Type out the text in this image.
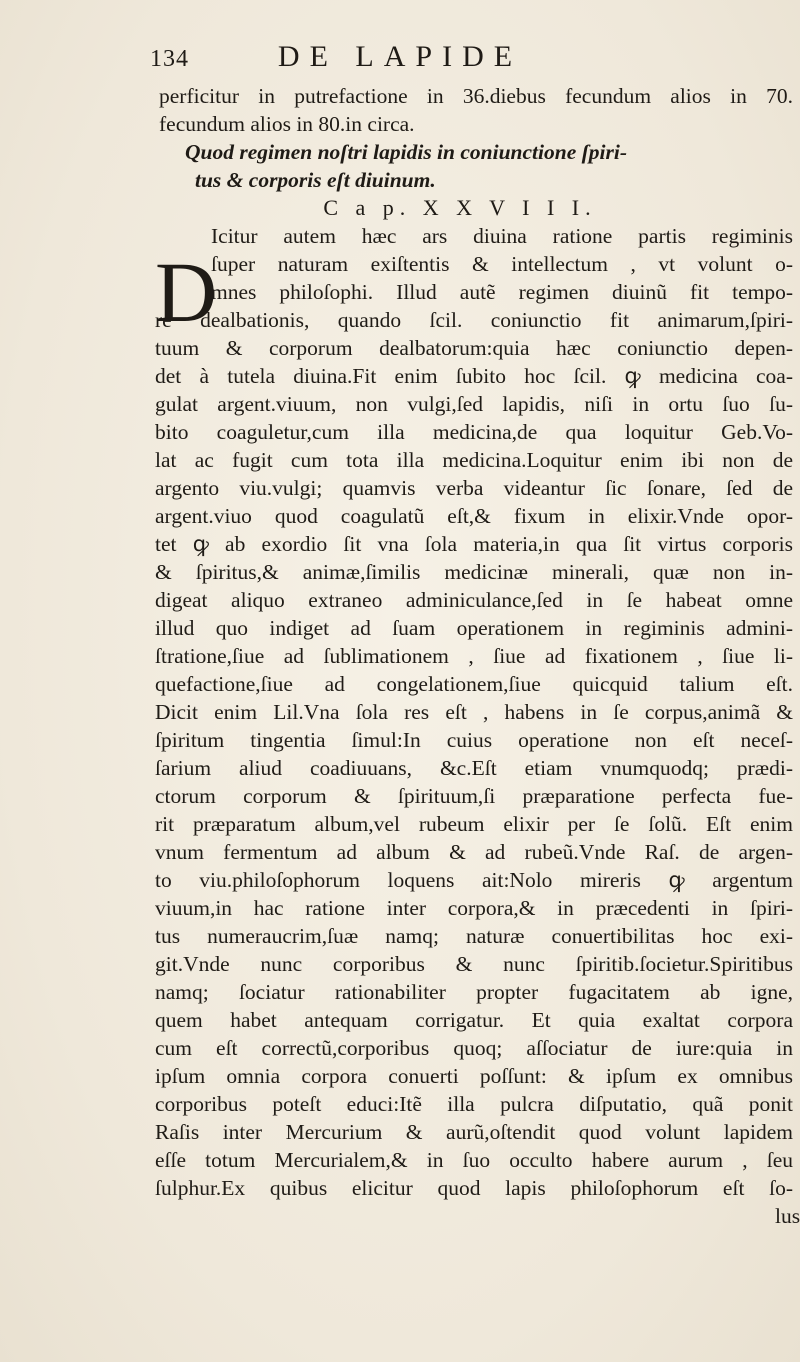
134	DE LAPIDE
D
perficitur in putrefactione in 36.diebus fecundum alios in 70.
fecundum alios in 80.in circa.
Quod regimen noſtri lapidis in coniunctione ſpiri-
tus & corporis eſt diuinum.
C a p. X X V I I I.
Icitur autem hæc ars diuina ratione partis regiminis
ſuper naturam exiſtentis & intellectum , vt volunt o-
mnes philoſophi. Illud autẽ regimen diuinũ fit tempo-
re dealbationis, quando ſcil. coniunctio fit animarum,ſpiri-
tuum & corporum dealbatorum:quia hæc coniunctio depen-
det à tutela diuina.Fit enim ſubito hoc ſcil. ꝙ medicina coa-
gulat argent.viuum, non vulgi,ſed lapidis, niſi in ortu ſuo ſu-
bito coaguletur,cum illa medicina,de qua loquitur Geb.Vo-
lat ac fugit cum tota illa medicina.Loquitur enim ibi non de
argento viu.vulgi; quamvis verba videantur ſic ſonare, ſed de
argent.viuo quod coagulatũ eſt,& fixum in elixir.Vnde opor-
tet ꝙ ab exordio ſit vna ſola materia,in qua ſit virtus corporis
& ſpiritus,& animæ,ſimilis medicinæ minerali, quæ non in-
digeat aliquo extraneo adminiculance,ſed in ſe habeat omne
illud quo indiget ad ſuam operationem in regiminis admini-
ſtratione,ſiue ad ſublimationem , ſiue ad fixationem , ſiue li-
quefactione,ſiue ad congelationem,ſiue quicquid talium eſt.
Dicit enim Lil.Vna ſola res eſt , habens in ſe corpus,animã &
ſpiritum tingentia ſimul:In cuius operatione non eſt neceſ-
ſarium aliud coadiuuans, &c.Eſt etiam vnumquodq; prædi-
ctorum corporum & ſpirituum,ſi præparatione perfecta fue-
rit præparatum album,vel rubeum elixir per ſe ſolũ. Eſt enim
vnum fermentum ad album & ad rubeũ.Vnde Raſ. de argen-
to viu.philoſophorum loquens ait:Nolo mireris ꝙ argentum
viuum,in hac ratione inter corpora,& in præcedenti in ſpiri-
tus numeraucrim,ſuæ namq; naturæ conuertibilitas hoc exi-
git.Vnde nunc corporibus & nunc ſpiritib.ſocietur.Spiritibus
namq; ſociatur rationabiliter propter fugacitatem ab igne,
quem habet antequam corrigatur. Et quia exaltat corpora
cum eſt correctũ,corporibus quoq; aſſociatur de iure:quia in
ipſum omnia corpora conuerti poſſunt: & ipſum ex omnibus
corporibus poteſt educi:Itẽ illa pulcra diſputatio, quã ponit
Raſis inter Mercurium & aurũ,oſtendit quod volunt lapidem
eſſe totum Mercurialem,& in ſuo occulto habere aurum , ſeu
ſulphur.Ex quibus elicitur quod lapis philoſophorum eſt ſo-
lus
